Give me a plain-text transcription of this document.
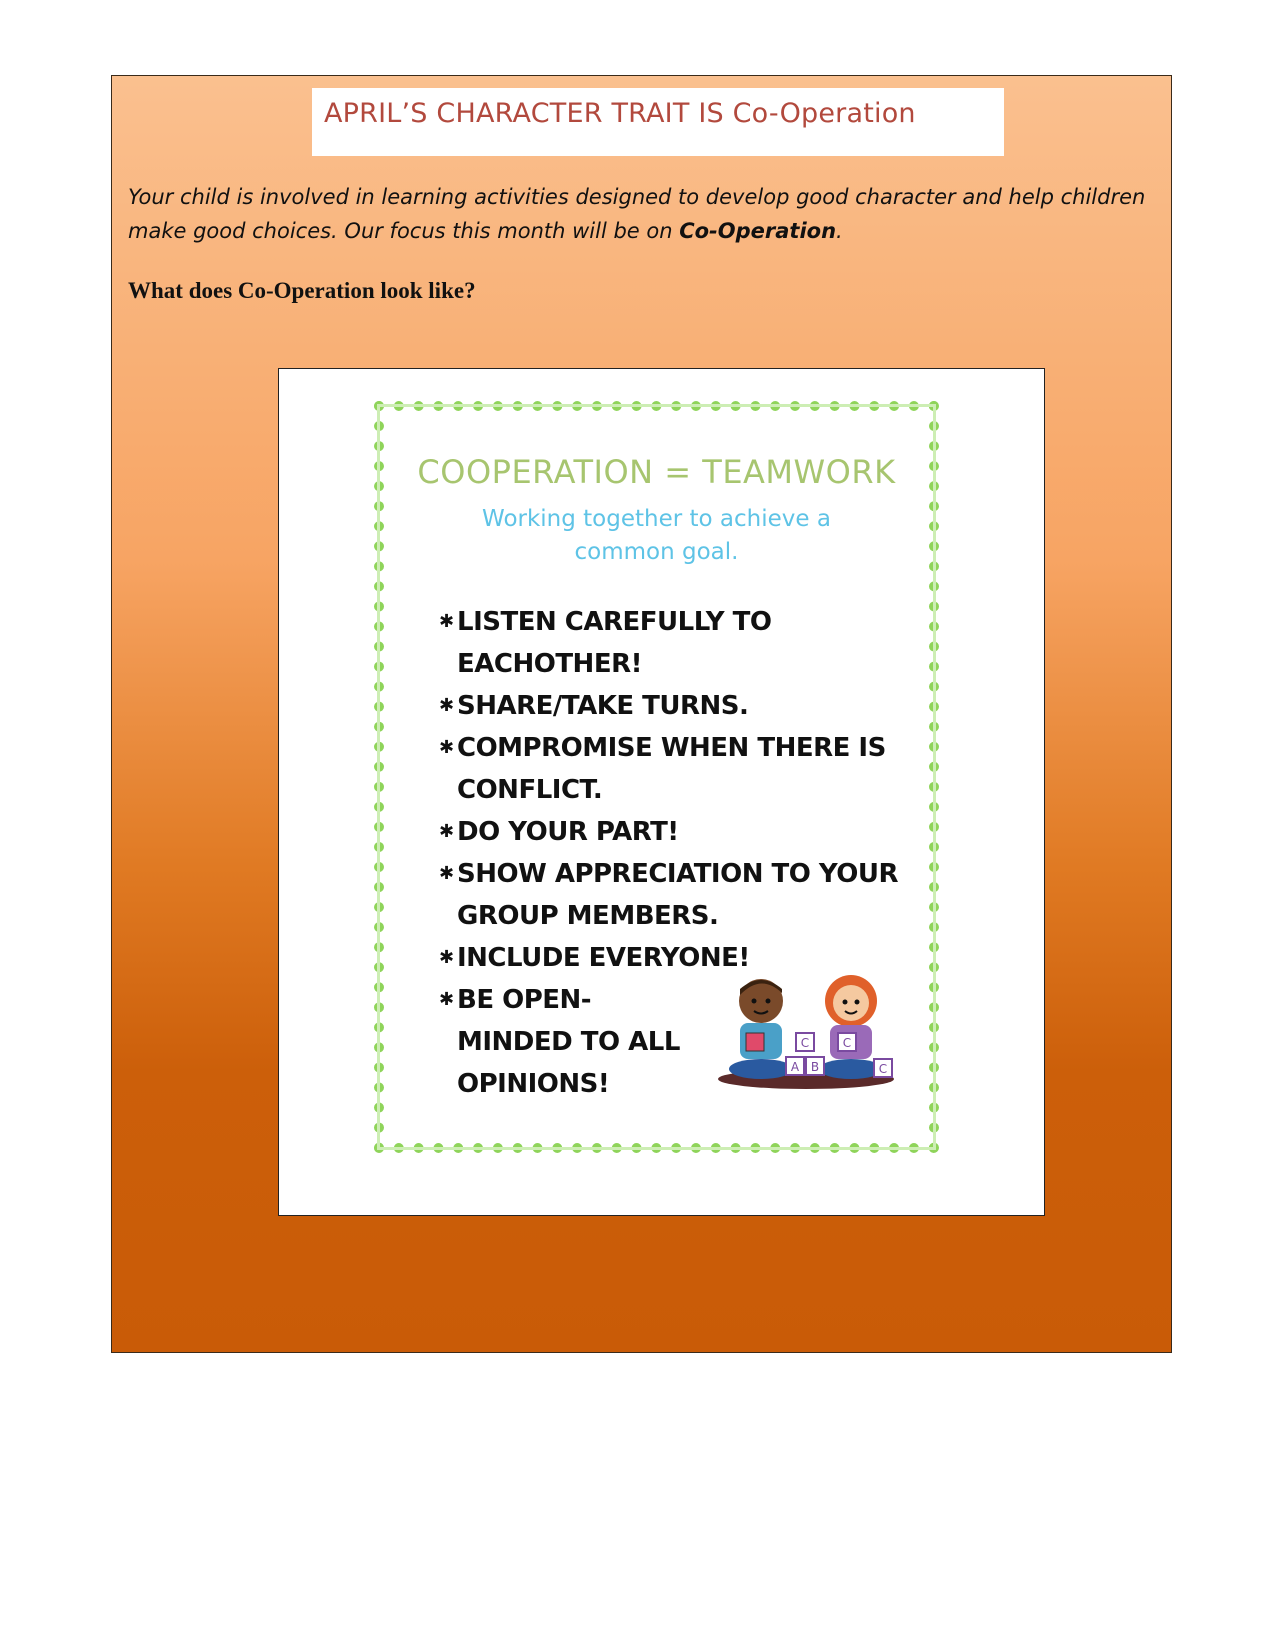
APRIL’S CHARACTER TRAIT IS Co-Operation
Your child is involved in learning activities designed to develop good character and help children make good choices. Our focus this month will be on Co-Operation.
What does Co-Operation look like?
COOPERATION = TEAMWORK
Working together to achieve a common goal.
✱ LISTEN CAREFULLY TO EACHOTHER!
✱ SHARE/TAKE TURNS.
✱ COMPROMISE WHEN THERE IS CONFLICT.
✱ DO YOUR PART!
✱ SHOW APPRECIATION TO YOUR GROUP MEMBERS.
✱ INCLUDE EVERYONE!
✱ BE OPEN-MINDED TO ALL OPINIONS!
C	C
A B	C
